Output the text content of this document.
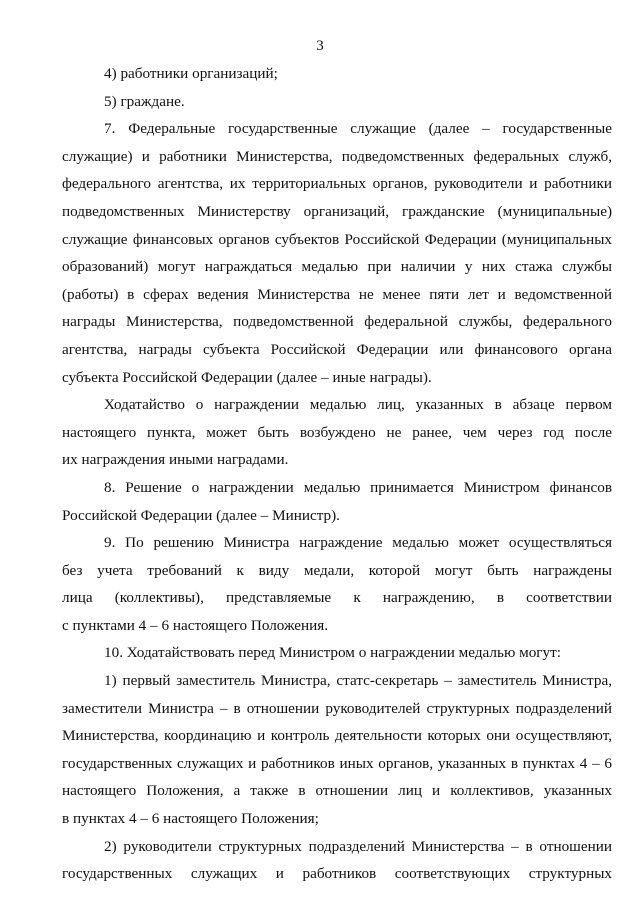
3

4) работники организаций;

5) граждане.

7. Федеральные государственные служащие (далее – государственные
служащие) и работники Министерства, подведомственных федеральных служб,
федерального агентства, их территориальных органов, руководители и работники
подведомственных Министерству организаций, гражданские (муниципальные)
служащие финансовых органов субъектов Российской Федерации (муниципальных
образований) могут награждаться медалью при наличии у них стажа службы
(работы) в сферах ведения Министерства не менее пяти лет и ведомственной
награды Министерства, подведомственной федеральной службы, федерального
агентства, награды субъекта Российской Федерации или финансового органа
субъекта Российской Федерации (далее – иные награды).

Ходатайство о награждении медалью лиц, указанных в абзаце первом
настоящего пункта, может быть возбуждено не ранее, чем через год после
их награждения иными наградами.

8. Решение о награждении медалью принимается Министром финансов
Российской Федерации (далее – Министр).

9. По решению Министра награждение медалью может осуществляться
без учета требований к виду медали, которой могут быть награждены
лица (коллективы), представляемые к награждению, в соответствии
с пунктами 4 – 6 настоящего Положения.

10. Ходатайствовать перед Министром о награждении медалью могут:

1) первый заместитель Министра, статс-секретарь – заместитель Министра,
заместители Министра – в отношении руководителей структурных подразделений
Министерства, координацию и контроль деятельности которых они осуществляют,
государственных служащих и работников иных органов, указанных в пунктах 4 – 6
настоящего Положения, а также в отношении лиц и коллективов, указанных
в пунктах 4 – 6 настоящего Положения;

2) руководители структурных подразделений Министерства – в отношении
государственных служащих и работников соответствующих структурных
